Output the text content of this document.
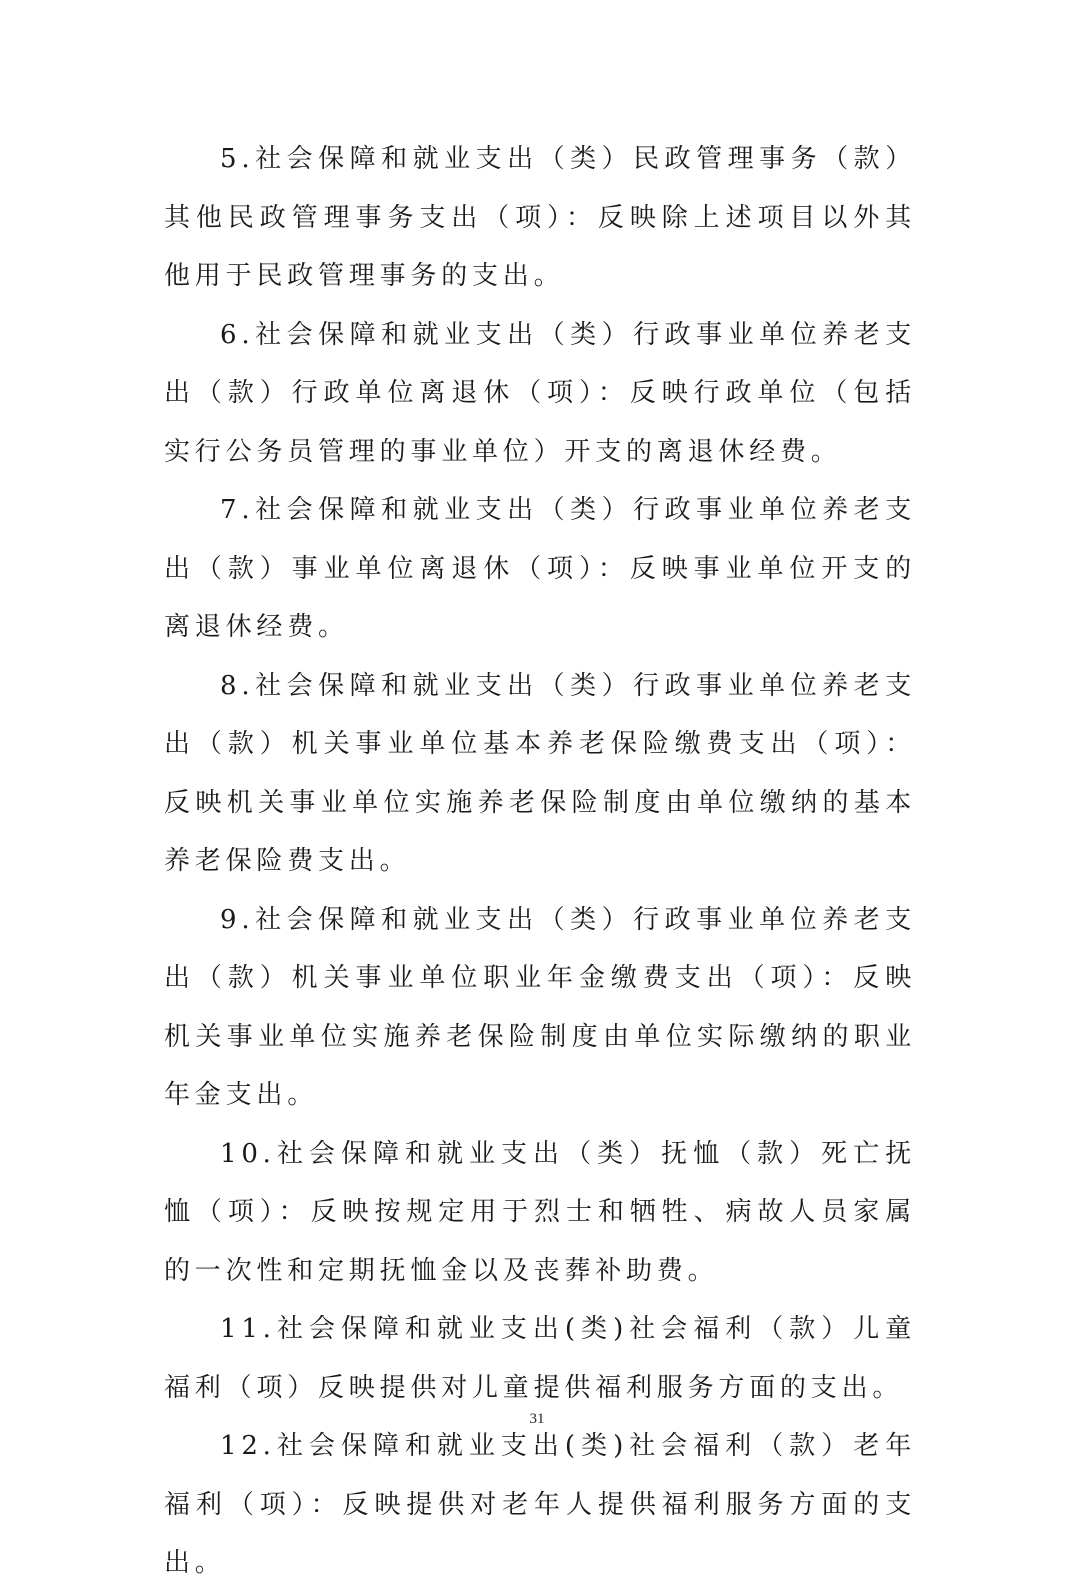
5.社会保障和就业支出（类）民政管理事务（款）其他民政管理事务支出（项）：反映除上述项目以外其他用于民政管理事务的支出。

6.社会保障和就业支出（类）行政事业单位养老支出（款）行政单位离退休（项）：反映行政单位（包括实行公务员管理的事业单位）开支的离退休经费。

7.社会保障和就业支出（类）行政事业单位养老支出（款）事业单位离退休（项）：反映事业单位开支的离退休经费。

8.社会保障和就业支出（类）行政事业单位养老支出（款）机关事业单位基本养老保险缴费支出（项）：反映机关事业单位实施养老保险制度由单位缴纳的基本养老保险费支出。

9.社会保障和就业支出（类）行政事业单位养老支出（款）机关事业单位职业年金缴费支出（项）：反映机关事业单位实施养老保险制度由单位实际缴纳的职业年金支出。

10.社会保障和就业支出（类）抚恤（款）死亡抚恤（项）：反映按规定用于烈士和牺牲、病故人员家属的一次性和定期抚恤金以及丧葬补助费。

11.社会保障和就业支出(类)社会福利（款）儿童福利（项）反映提供对儿童提供福利服务方面的支出。

12.社会保障和就业支出(类)社会福利（款）老年福利（项）：反映提供对老年人提供福利服务方面的支出。

31
